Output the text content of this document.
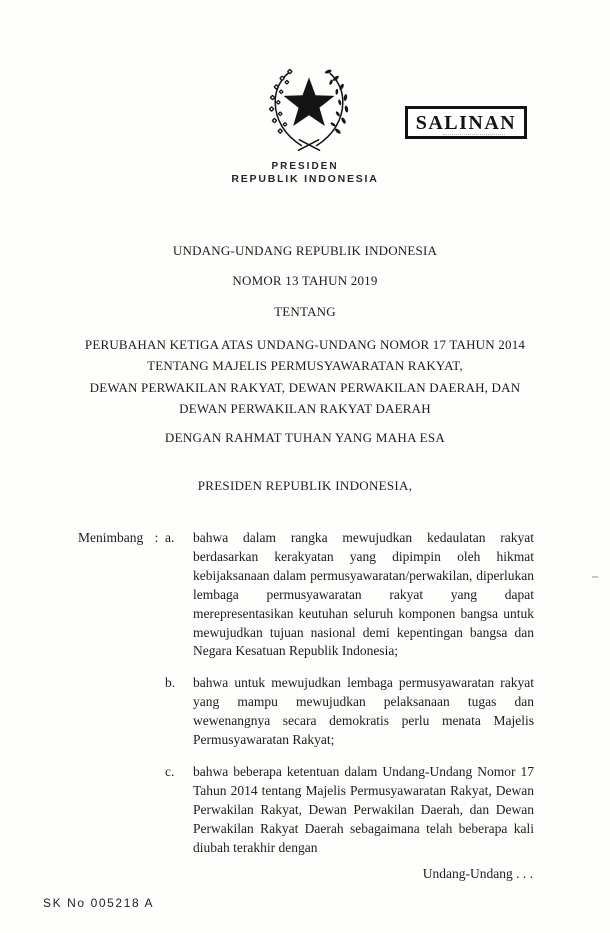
SALINAN
PRESIDEN
REPUBLIK INDONESIA
UNDANG-UNDANG REPUBLIK INDONESIA
NOMOR 13 TAHUN 2019
TENTANG
PERUBAHAN KETIGA ATAS UNDANG-UNDANG NOMOR 17 TAHUN 2014
TENTANG MAJELIS PERMUSYAWARATAN RAKYAT,
DEWAN PERWAKILAN RAKYAT, DEWAN PERWAKILAN DAERAH, DAN
DEWAN PERWAKILAN RAKYAT DAERAH
DENGAN RAHMAT TUHAN YANG MAHA ESA
PRESIDEN REPUBLIK INDONESIA,
Menimbang : a.	bahwa dalam rangka mewujudkan kedaulatan rakyat berdasarkan kerakyatan yang dipimpin oleh hikmat kebijaksanaan dalam permusyawaratan/perwakilan, diperlukan lembaga permusyawaratan rakyat yang dapat merepresentasikan keutuhan seluruh komponen bangsa untuk mewujudkan tujuan nasional demi kepentingan bangsa dan Negara Kesatuan Republik Indonesia;
b.	bahwa untuk mewujudkan lembaga permusyawaratan rakyat yang mampu mewujudkan pelaksanaan tugas dan wewenangnya secara demokratis perlu menata Majelis Permusyawaratan Rakyat;
c.	bahwa beberapa ketentuan dalam Undang-Undang Nomor 17 Tahun 2014 tentang Majelis Permusyawaratan Rakyat, Dewan Perwakilan Rakyat, Dewan Perwakilan Daerah, dan Dewan Perwakilan Rakyat Daerah sebagaimana telah beberapa kali diubah terakhir dengan
Undang-Undang . . .
SK No 005218 A
